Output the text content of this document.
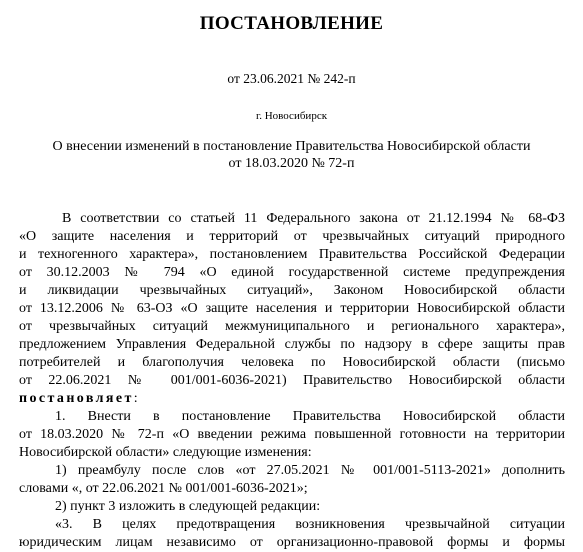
ПОСТАНОВЛЕНИЕ
от 23.06.2021 № 242-п
г. Новосибирск
О внесении изменений в постановление Правительства Новосибирской области
от 18.03.2020 № 72-п
В соответствии со статьей 11 Федерального закона от 21.12.1994 № 68-ФЗ
«О защите населения и территорий от чрезвычайных ситуаций природного
и техногенного характера», постановлением Правительства Российской Федерации
от 30.12.2003 № 794 «О единой государственной системе предупреждения
и ликвидации чрезвычайных ситуаций», Законом Новосибирской области
от 13.12.2006 № 63-ОЗ «О защите населения и территории Новосибирской области
от чрезвычайных ситуаций межмуниципального и регионального характера»,
предложением Управления Федеральной службы по надзору в сфере защиты прав
потребителей и благополучия человека по Новосибирской области (письмо
от 22.06.2021 № 001/001-6036-2021) Правительство Новосибирской области
постановляет:
1. Внести в постановление Правительства Новосибирской области
от 18.03.2020 № 72-п «О введении режима повышенной готовности на территории
Новосибирской области» следующие изменения:
1) преамбулу после слов «от 27.05.2021 № 001/001-5113-2021» дополнить
словами «, от 22.06.2021 № 001/001-6036-2021»;
2) пункт 3 изложить в следующей редакции:
«3. В целях предотвращения возникновения чрезвычайной ситуации
юридическим лицам независимо от организационно-правовой формы и формы
